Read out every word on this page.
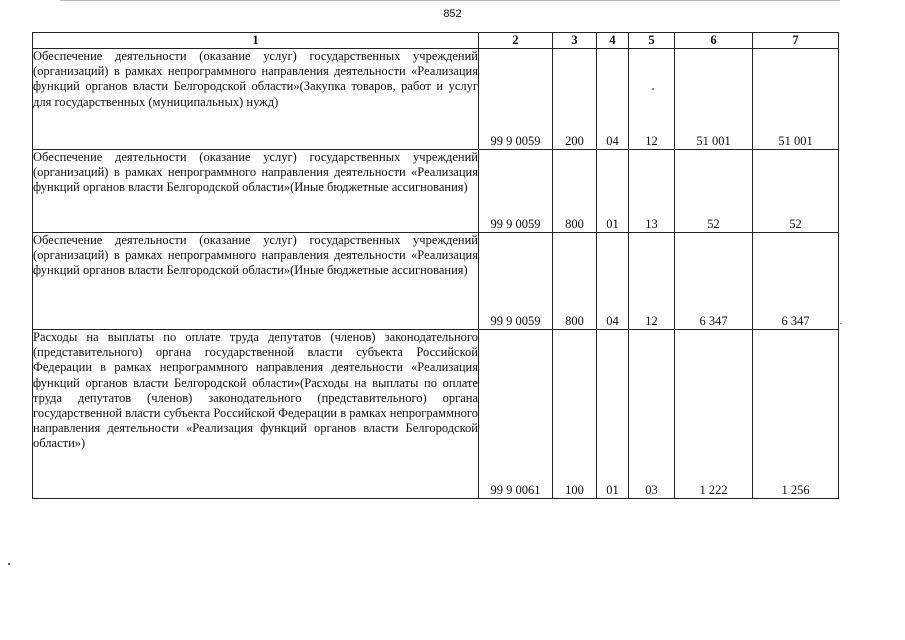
852
1	2	3	4	5	6	7
Обеспечение деятельности (оказание услуг) государственных учреждений (организаций) в рамках непрограммного направления деятельности «Реализация функций органов власти Белгородской области»(Закупка товаров, работ и услуг для государственных (муниципальных) нужд)	99 9 0059	200	04	12	51 001	51 001
Обеспечение деятельности (оказание услуг) государственных учреждений (организаций) в рамках непрограммного направления деятельности «Реализация функций органов власти Белгородской области»(Иные бюджетные ассигнования)	99 9 0059	800	01	13	52	52
Обеспечение деятельности (оказание услуг) государственных учреждений (организаций) в рамках непрограммного направления деятельности «Реализация функций органов власти Белгородской области»(Иные бюджетные ассигнования)	99 9 0059	800	04	12	6 347	6 347
Расходы на выплаты по оплате труда депутатов (членов) законодательного (представительного) органа государственной власти субъекта Российской Федерации в рамках непрограммного направления деятельности «Реализация функций органов власти Белгородской области»(Расходы на выплаты по оплате труда депутатов (членов) законодательного (представительного) органа государственной власти субъекта Российской Федерации в рамках непрограммного направления деятельности «Реализация функций органов власти Белгородской области»)	99 9 0061	100	01	03	1 222	1 256
